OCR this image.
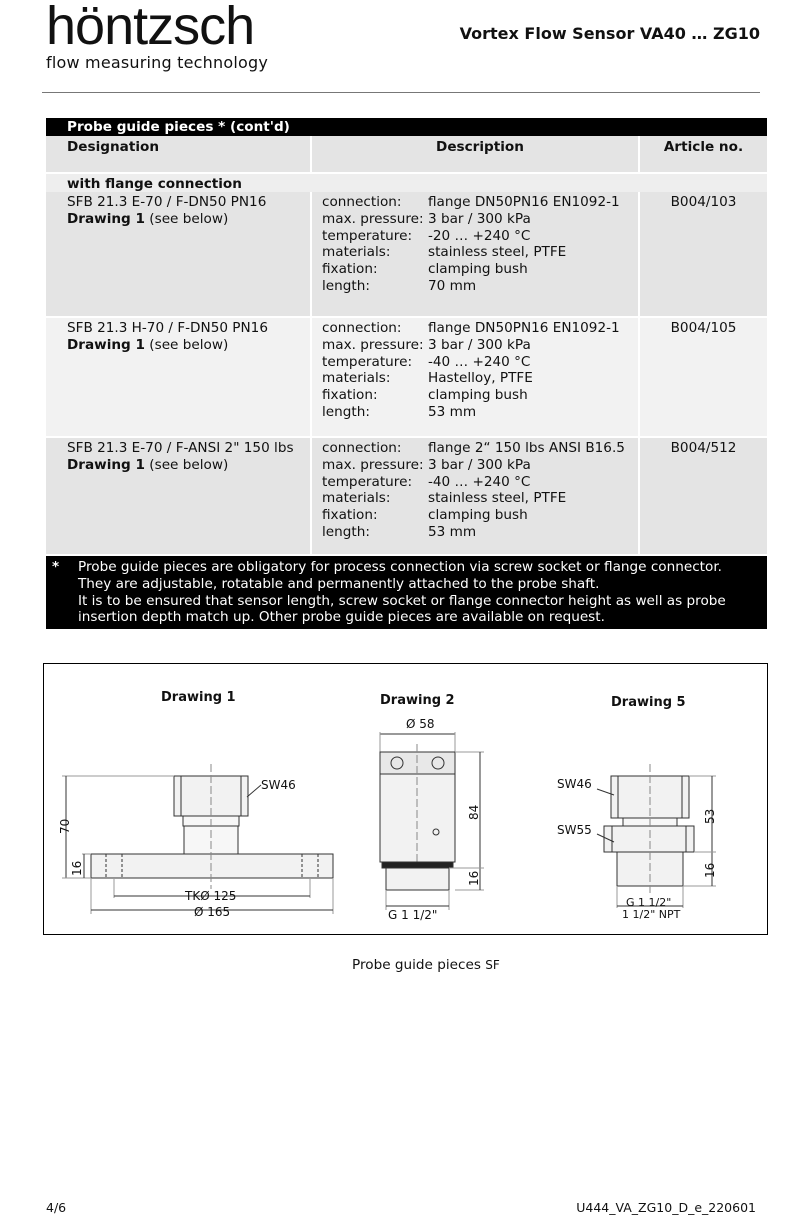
höntzsch
flow measuring technology
Vortex Flow Sensor VA40 … ZG10
Probe guide pieces * (cont'd)
Designation	Description	Article no.
with flange connection
SFB 21.3 E-70 / F-DN50 PN16
Drawing 1 (see below)
connection:	flange DN50PN16 EN1092-1
max. pressure: 3 bar / 300 kPa
temperature:	-20 … +240 °C
materials:	stainless steel, PTFE
fixation:	clamping bush
length:	70 mm
B004/103
SFB 21.3 H-70 / F-DN50 PN16
Drawing 1 (see below)
connection:	flange DN50PN16 EN1092-1
max. pressure: 3 bar / 300 kPa
temperature:	-40 … +240 °C
materials:	Hastelloy, PTFE
fixation:	clamping bush
length:	53 mm
B004/105
SFB 21.3 E-70 / F-ANSI 2" 150 lbs
Drawing 1 (see below)
connection:	flange 2“ 150 lbs ANSI B16.5
max. pressure: 3 bar / 300 kPa
temperature:	-40 … +240 °C
materials:	stainless steel, PTFE
fixation:	clamping bush
length:	53 mm
B004/512
*	Probe guide pieces are obligatory for process connection via screw socket or flange connector.
They are adjustable, rotatable and permanently attached to the probe shaft.
It is to be ensured that sensor length, screw socket or flange connector height as well as probe
insertion depth match up. Other probe guide pieces are available on request.
Drawing 1
SW46
70
16
TKØ 125
Ø 165
Drawing 2
Ø 58
84
16
G 1 1/2"
Drawing 5
SW46
SW55
53
16
G 1 1/2"
1 1/2" NPT
Probe guide pieces SF
4/6	U444_VA_ZG10_D_e_220601
